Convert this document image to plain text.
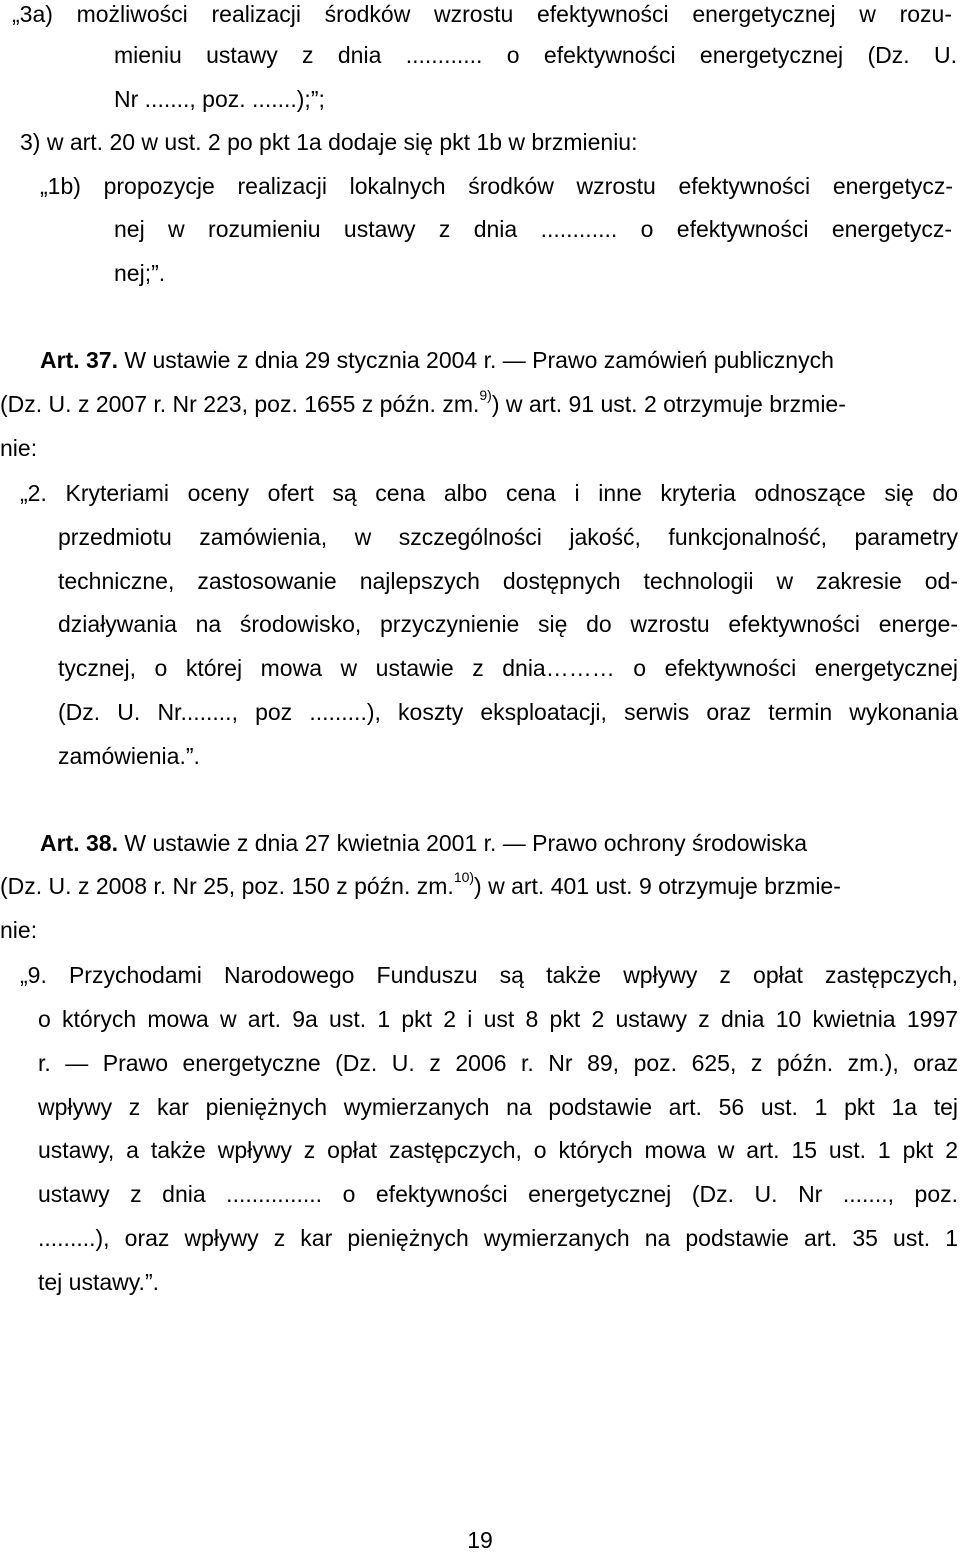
„3a) możliwości realizacji środków wzrostu efektywności energetycznej w rozu-
mieniu ustawy z dnia ............ o efektywności energetycznej (Dz. U.
Nr ......., poz. .......);”;
3) w art. 20 w ust. 2 po pkt 1a dodaje się pkt 1b w brzmieniu:
„1b) propozycje realizacji lokalnych środków wzrostu efektywności energetycz-
nej w rozumieniu ustawy z dnia ............ o efektywności energetycz-
nej;”.
Art. 37. W ustawie z dnia 29 stycznia 2004 r. — Prawo zamówień publicznych
(Dz. U. z 2007 r. Nr 223, poz. 1655 z późn. zm.$^{9)}$) w art. 91 ust. 2 otrzymuje brzmie-
nie:
„2. Kryteriami oceny ofert są cena albo cena i inne kryteria odnoszące się do
przedmiotu zamówienia, w szczególności jakość, funkcjonalność, parametry
techniczne, zastosowanie najlepszych dostępnych technologii w zakresie od-
działywania na środowisko, przyczynienie się do wzrostu efektywności energe-
tycznej, o której mowa w ustawie z dnia……… o efektywności energetycznej
(Dz. U. Nr........, poz .........), koszty eksploatacji, serwis oraz termin wykonania
zamówienia.”.
Art. 38. W ustawie z dnia 27 kwietnia 2001 r. — Prawo ochrony środowiska
(Dz. U. z 2008 r. Nr 25, poz. 150 z późn. zm.$^{10)}$) w art. 401 ust. 9 otrzymuje brzmie-
nie:
„9. Przychodami Narodowego Funduszu są także wpływy z opłat zastępczych,
o których mowa w art. 9a ust. 1 pkt 2 i ust 8 pkt 2 ustawy z dnia 10 kwietnia 1997
r. — Prawo energetyczne (Dz. U. z 2006 r. Nr 89, poz. 625, z późn. zm.), oraz
wpływy z kar pieniężnych wymierzanych na podstawie art. 56 ust. 1 pkt 1a tej
ustawy, a także wpływy z opłat zastępczych, o których mowa w art. 15 ust. 1 pkt 2
ustawy z dnia ............... o efektywności energetycznej (Dz. U. Nr ......., poz.
.........), oraz wpływy z kar pieniężnych wymierzanych na podstawie art. 35 ust. 1
tej ustawy.”.
19
